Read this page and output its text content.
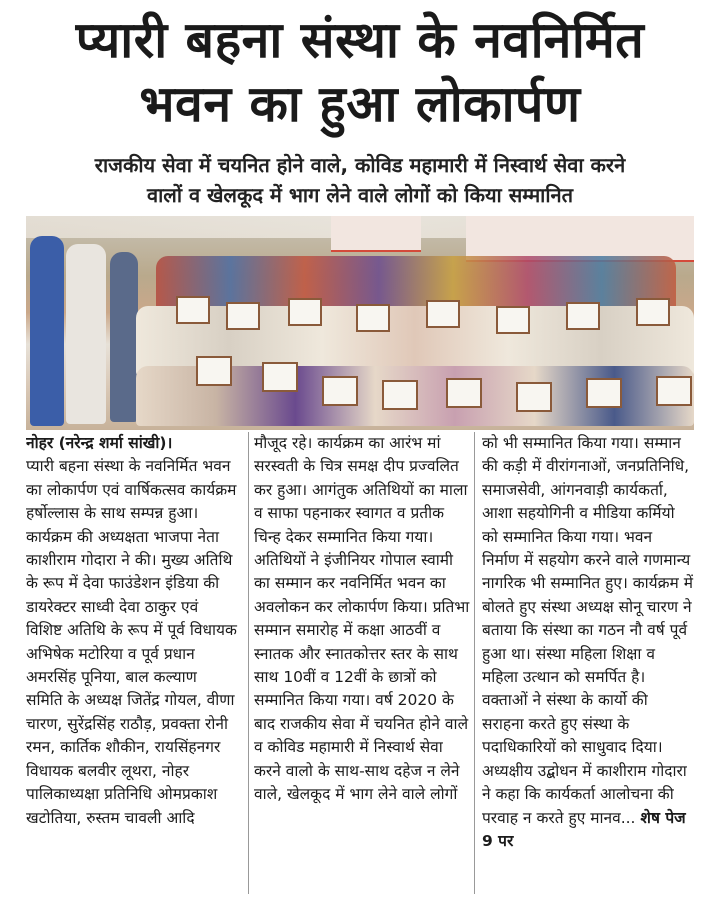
प्यारी बहना संस्था के नवनिर्मित
भवन का हुआ लोकार्पण
राजकीय सेवा में चयनित होने वाले, कोविड महामारी में निस्वार्थ सेवा करने
वालों व खेलकूद में भाग लेने वाले लोगों को किया सम्मानित
नोहर (नरेन्द्र शर्मा सांखी)।
प्यारी बहना संस्था के नवनिर्मित भवन का लोकार्पण एवं वार्षिकत्सव कार्यक्रम हर्षोल्लास के साथ सम्पन्न हुआ। कार्यक्रम की अध्यक्षता भाजपा नेता काशीराम गोदारा ने की। मुख्य अतिथि के रूप में देवा फाउंडेशन इंडिया की डायरेक्टर साध्वी देवा ठाकुर एवं विशिष्ट अतिथि के रूप में पूर्व विधायक अभिषेक मटोरिया व पूर्व प्रधान अमरसिंह पूनिया, बाल कल्याण समिति के अध्यक्ष जितेंद्र गोयल, वीणा चारण, सुरेंद्रसिंह राठौड़, प्रवक्ता रोनी रमन, कार्तिक शौकीन, रायसिंहनगर विधायक बलवीर लूथरा, नोहर पालिकाध्यक्षा प्रतिनिधि ओमप्रकाश खटोतिया, रुस्तम चावली आदि
मौजूद रहे। कार्यक्रम का आरंभ मां सरस्वती के चित्र समक्ष दीप प्रज्वलित कर हुआ। आगंतुक अतिथियों का माला व साफा पहनाकर स्वागत व प्रतीक चिन्ह देकर सम्मानित किया गया। अतिथियों ने इंजीनियर गोपाल स्वामी का सम्मान कर नवनिर्मित भवन का अवलोकन कर लोकार्पण किया। प्रतिभा सम्मान समारोह में कक्षा आठवीं व स्नातक और स्नातकोत्तर स्तर के साथ साथ 10वीं व 12वीं के छात्रों को सम्मानित किया गया। वर्ष 2020 के बाद राजकीय सेवा में चयनित होने वाले व कोविड महामारी में निस्वार्थ सेवा करने वालो के साथ-साथ दहेज न लेने वाले, खेलकूद में भाग लेने वाले लोगों
को भी सम्मानित किया गया। सम्मान की कड़ी में वीरांगनाओं, जनप्रतिनिधि, समाजसेवी, आंगनवाड़ी कार्यकर्ता, आशा सहयोगिनी व मीडिया कर्मियो को सम्मानित किया गया। भवन निर्माण में सहयोग करने वाले गणमान्य नागरिक भी सम्मानित हुए। कार्यक्रम में बोलते हुए संस्था अध्यक्ष सोनू चारण ने बताया कि संस्था का गठन नौ वर्ष पूर्व हुआ था। संस्था महिला शिक्षा व महिला उत्थान को समर्पित है। वक्ताओं ने संस्था के कार्यो की सराहना करते हुए संस्था के पदाधिकारियों को साधुवाद दिया। अध्यक्षीय उद्बोधन में काशीराम गोदारा ने कहा कि कार्यकर्ता आलोचना की परवाह न करते हुए मानव... शेष पेज 9 पर
